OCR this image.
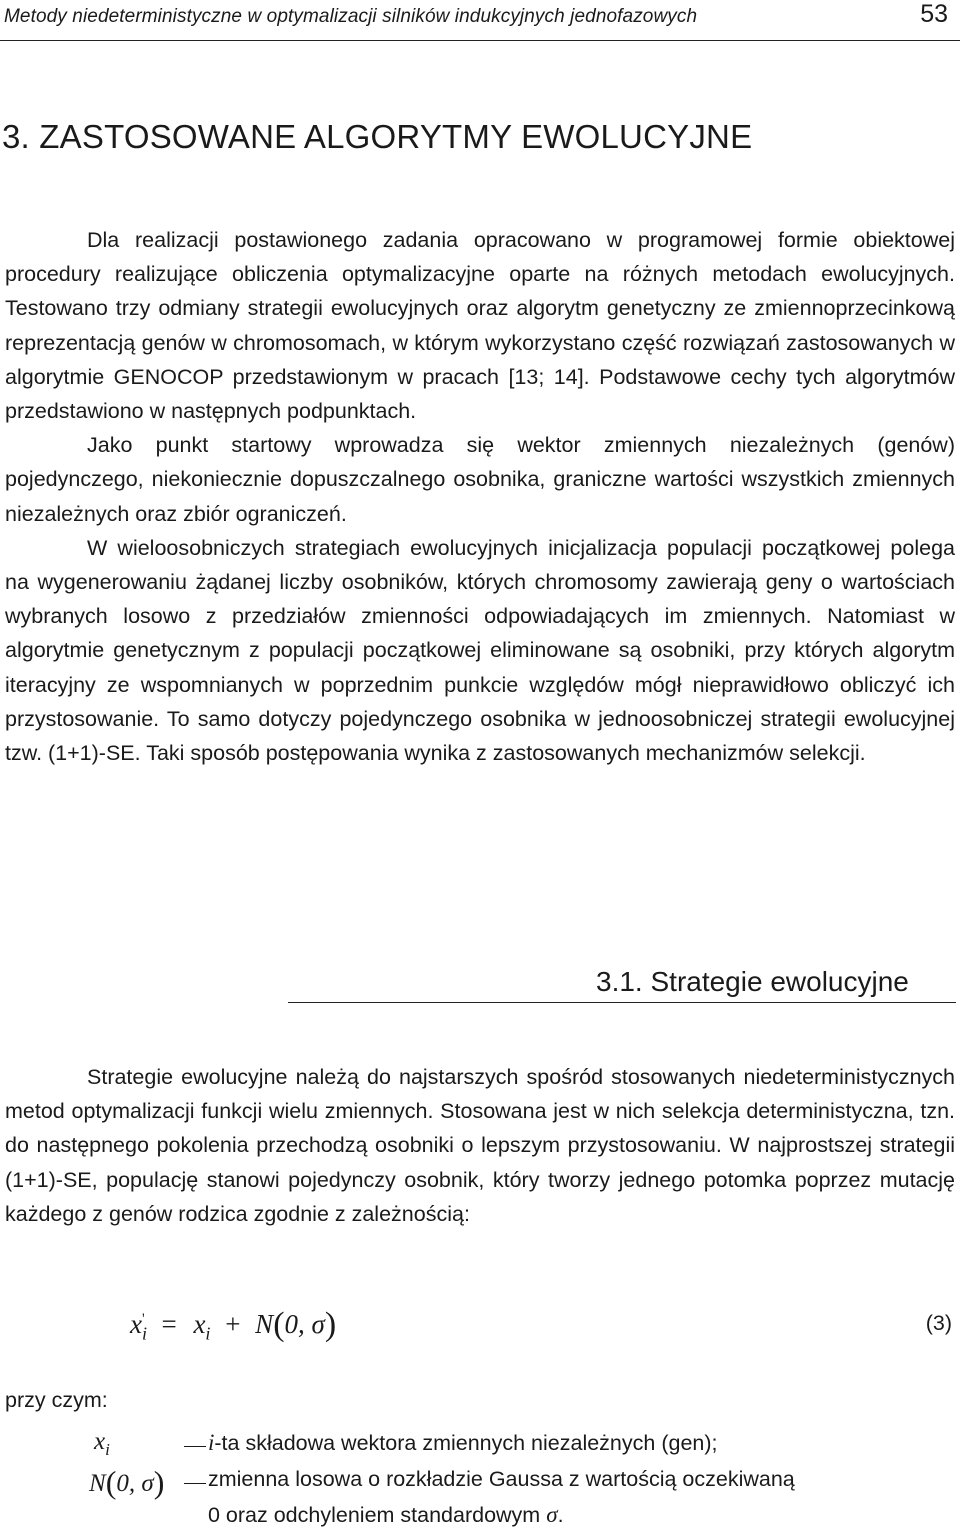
Metody niedeterministyczne w optymalizacji silników indukcyjnych jednofazowych	53
3. ZASTOSOWANE ALGORYTMY EWOLUCYJNE

Dla realizacji postawionego zadania opracowano w programowej formie obiektowej procedury realizujące obliczenia optymalizacyjne oparte na różnych metodach ewolucyjnych. Testowano trzy odmiany strategii ewolucyjnych oraz algorytm genetyczny ze zmiennoprzecinkową reprezentacją genów w chromosomach, w którym wykorzystano część rozwiązań zastosowanych w algorytmie GENOCOP przedstawionym w pracach [13; 14]. Podstawowe cechy tych algorytmów przedstawiono w następnych podpunktach.

Jako punkt startowy wprowadza się wektor zmiennych niezależnych (genów) pojedynczego, niekoniecznie dopuszczalnego osobnika, graniczne wartości wszystkich zmiennych niezależnych oraz zbiór ograniczeń.

W wieloosobniczych strategiach ewolucyjnych inicjalizacja populacji początkowej polega na wygenerowaniu żądanej liczby osobników, których chromosomy zawierają geny o wartościach wybranych losowo z przedziałów zmienności odpowiadających im zmiennych. Natomiast w algorytmie genetycznym z populacji początkowej eliminowane są osobniki, przy których algorytm iteracyjny ze wspomnianych w poprzednim punkcie względów mógł nieprawidłowo obliczyć ich przystosowanie. To samo dotyczy pojedynczego osobnika w jednoosobniczej strategii ewolucyjnej tzw. (1+1)-SE. Taki sposób postępowania wynika z zastosowanych mechanizmów selekcji.

3.1. Strategie ewolucyjne

Strategie ewolucyjne należą do najstarszych spośród stosowanych niedeterministycznych metod optymalizacji funkcji wielu zmiennych. Stosowana jest w nich selekcja deterministyczna, tzn. do następnego pokolenia przechodzą osobniki o lepszym przystosowaniu. W najprostszej strategii (1+1)-SE, populację stanowi pojedynczy osobnik, który tworzy jednego potomka poprzez mutację każdego z genów rodzica zgodnie z zależnością:

$x_i' = x_i + N(0$, σ)	(3)
przy czym:
$x_i$	i-ta składowa wektora zmiennych niezależnych (gen);
N(0, σ) zmienna losowa o rozkładzie Gaussa z wartością oczekiwaną
0 oraz odchyleniem standardowym σ.
